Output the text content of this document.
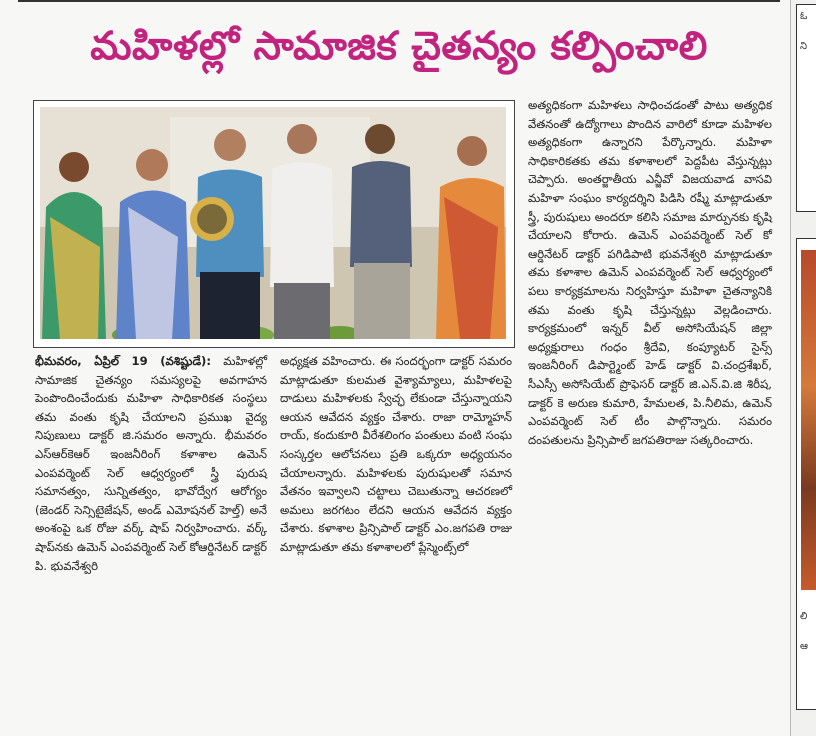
మహిళల్లో సామాజిక చైతన్యం కల్పించాలి

భీమవరం, ఏప్రిల్ 19 (వశిష్టుడే): మహిళల్లో సామాజిక చైతన్యం సమస్యలపై అవగాహన పెంపొందించేందుకు మహిళా సాధికారికత సంస్థలు తమ వంతు కృషి చేయాలని ప్రముఖ వైద్య నిపుణులు డాక్టర్ జి.సమరం అన్నారు. భీమవరం ఎస్ఆర్‌కెఆర్ ఇంజనీరింగ్ కళాశాల ఉమెన్ ఎంపవర్మెంట్ సెల్ ఆధ్వర్యంలో స్త్రీ పురుష సమానత్వం, సున్నితత్వం, భావోద్వేగ ఆరోగ్యం (జెండర్ సెన్సిటైజేషన్, అండ్ ఎమోషనల్ హెల్త్) అనే అంశంపై ఒక రోజు వర్క్ షాప్ నిర్వహించారు. వర్క్ షాప్‌నకు ఉమెన్ ఎంపవర్మెంట్ సెల్ కోఆర్డినేటర్ డాక్టర్ పి. భువనేశ్వరి

అధ్యక్షత వహించారు. ఈ సందర్భంగా డాక్టర్ సమరం మాట్లాడుతూ కులమత వైశ్యామ్యాలు, మహిళలపై దాడులు మహిళలకు స్వేచ్ఛ లేకుండా చేస్తున్నాయని ఆయన ఆవేదన వ్యక్తం చేశారు. రాజా రామ్మోహన్ రాయ్, కందుకూరి వీరేశలింగం పంతులు వంటి సంఘ సంస్కర్తల ఆలోచనలు ప్రతి ఒక్కరూ అధ్యయనం చేయాలన్నారు. మహిళలకు పురుషులతో సమాన వేతనం ఇవ్వాలని చట్టాలు చెబుతున్నా ఆచరణలో అమలు జరగటం లేదని ఆయన ఆవేదన వ్యక్తం చేశారు. కళాశాల ప్రిన్సిపాల్ డాక్టర్ ఎం.జగపతి రాజు మాట్లాడుతూ తమ కళాశాలలో ప్లేస్మెంట్స్‌లో

అత్యధికంగా మహిళలు సాధించడంతో పాటు అత్యధిక వేతనంతో ఉద్యోగాలు పొందిన వారిలో కూడా మహిళల అత్యధికంగా ఉన్నారని పేర్కొన్నారు. మహిళా సాధికారికతకు తమ కళాశాలలో పెద్దపీట వేస్తున్నట్లు చెప్పారు. అంతర్జాతీయ ఎన్జీవో విజయవాడ వాసవి మహిళా సంఘం కార్యదర్శిని పిడిసి రష్మీ మాట్లాడుతూ స్త్రీ, పురుషులు అందరూ కలిసి సమాజ మార్పునకు కృషి చేయాలని కోరారు. ఉమెన్ ఎంపవర్మెంట్ సెల్ కో ఆర్డినేటర్ డాక్టర్ పగిడిపాటి భువనేశ్వరి మాట్లాడుతూ తమ కళాశాల ఉమెన్ ఎంపవర్మెంట్ సెల్ ఆధ్వర్యంలో పలు కార్యక్రమాలను నిర్వహిస్తూ మహిళా చైతన్యానికి తమ వంతు కృషి చేస్తున్నట్లు వెల్లడించారు. కార్యక్రమంలో ఇన్నర్ వీల్ అసోసియేషన్ జిల్లా అధ్యక్షురాలు గంధం శ్రీదేవి, కంప్యూటర్ సైన్స్ ఇంజనీరింగ్ డిపార్ట్మెంట్ హెడ్ డాక్టర్ వి.చంద్రశేఖర్, సీఎస్సీ అసోసియేట్ ప్రొఫెసర్ డాక్టర్ జి.ఎన్.వి.జి శిరీష, డాక్టర్ కె అరుణ కుమారి, హేమలత, పి.నీలిమ, ఉమెన్ ఎంపవర్మెంట్ సెల్ టీం పాల్గొన్నారు. సమరం దంపతులను ప్రిన్సిపాల్ జగపతిరాజు సత్కరించారు.

ఓ
ని
లి
ఆ
